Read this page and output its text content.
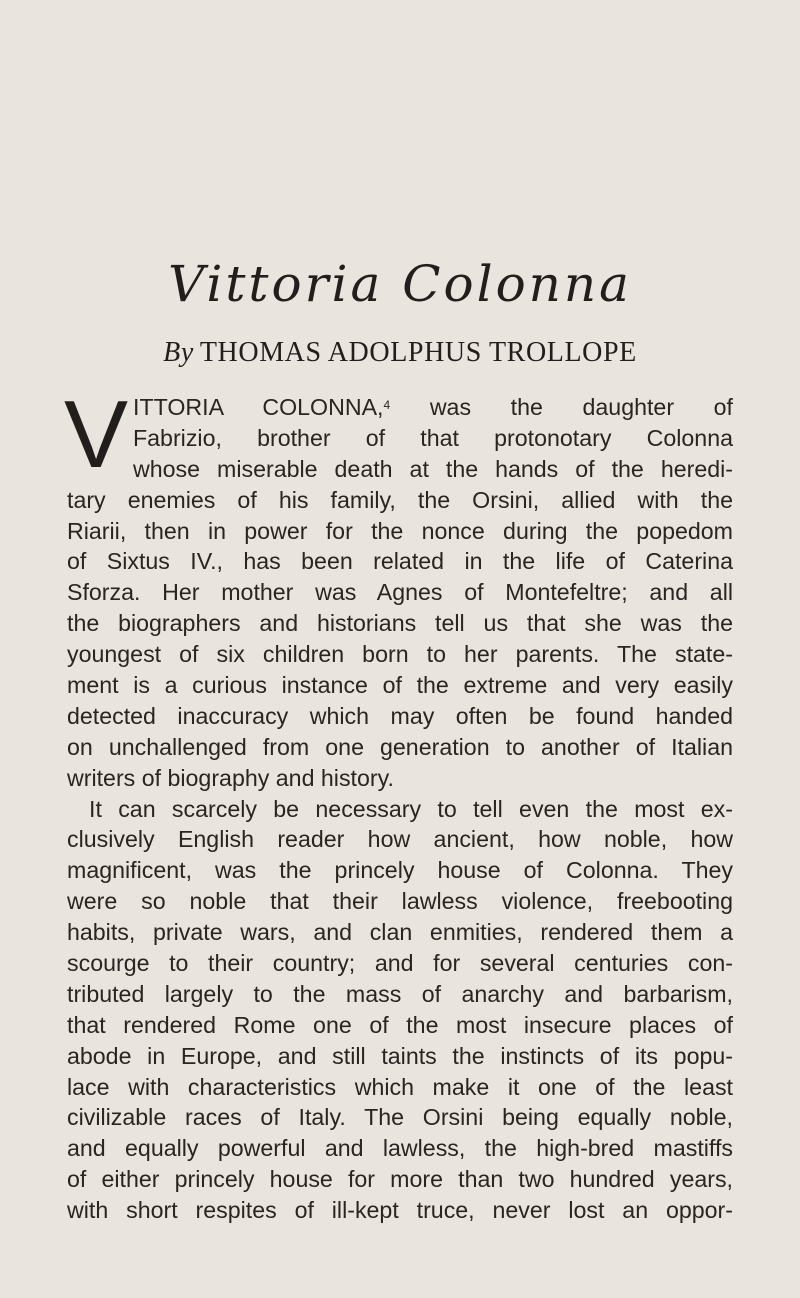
Vittoria Colonna
By THOMAS ADOLPHUS TROLLOPE
V ITTORIA COLONNA,$^4$ was the daughter of
Fabrizio, brother of that protonotary Colonna
whose miserable death at the hands of the heredi-
tary enemies of his family, the Orsini, allied with the
Riarii, then in power for the nonce during the popedom
of Sixtus IV., has been related in the life of Caterina
Sforza. Her mother was Agnes of Montefeltre; and all
the biographers and historians tell us that she was the
youngest of six children born to her parents. The state-
ment is a curious instance of the extreme and very easily
detected inaccuracy which may often be found handed
on unchallenged from one generation to another of Italian
writers of biography and history.
It can scarcely be necessary to tell even the most ex-
clusively English reader how ancient, how noble, how
magnificent, was the princely house of Colonna. They
were so noble that their lawless violence, freebooting
habits, private wars, and clan enmities, rendered them a
scourge to their country; and for several centuries con-
tributed largely to the mass of anarchy and barbarism,
that rendered Rome one of the most insecure places of
abode in Europe, and still taints the instincts of its popu-
lace with characteristics which make it one of the least
civilizable races of Italy. The Orsini being equally noble,
and equally powerful and lawless, the high-bred mastiffs
of either princely house for more than two hundred years,
with short respites of ill-kept truce, never lost an oppor-
